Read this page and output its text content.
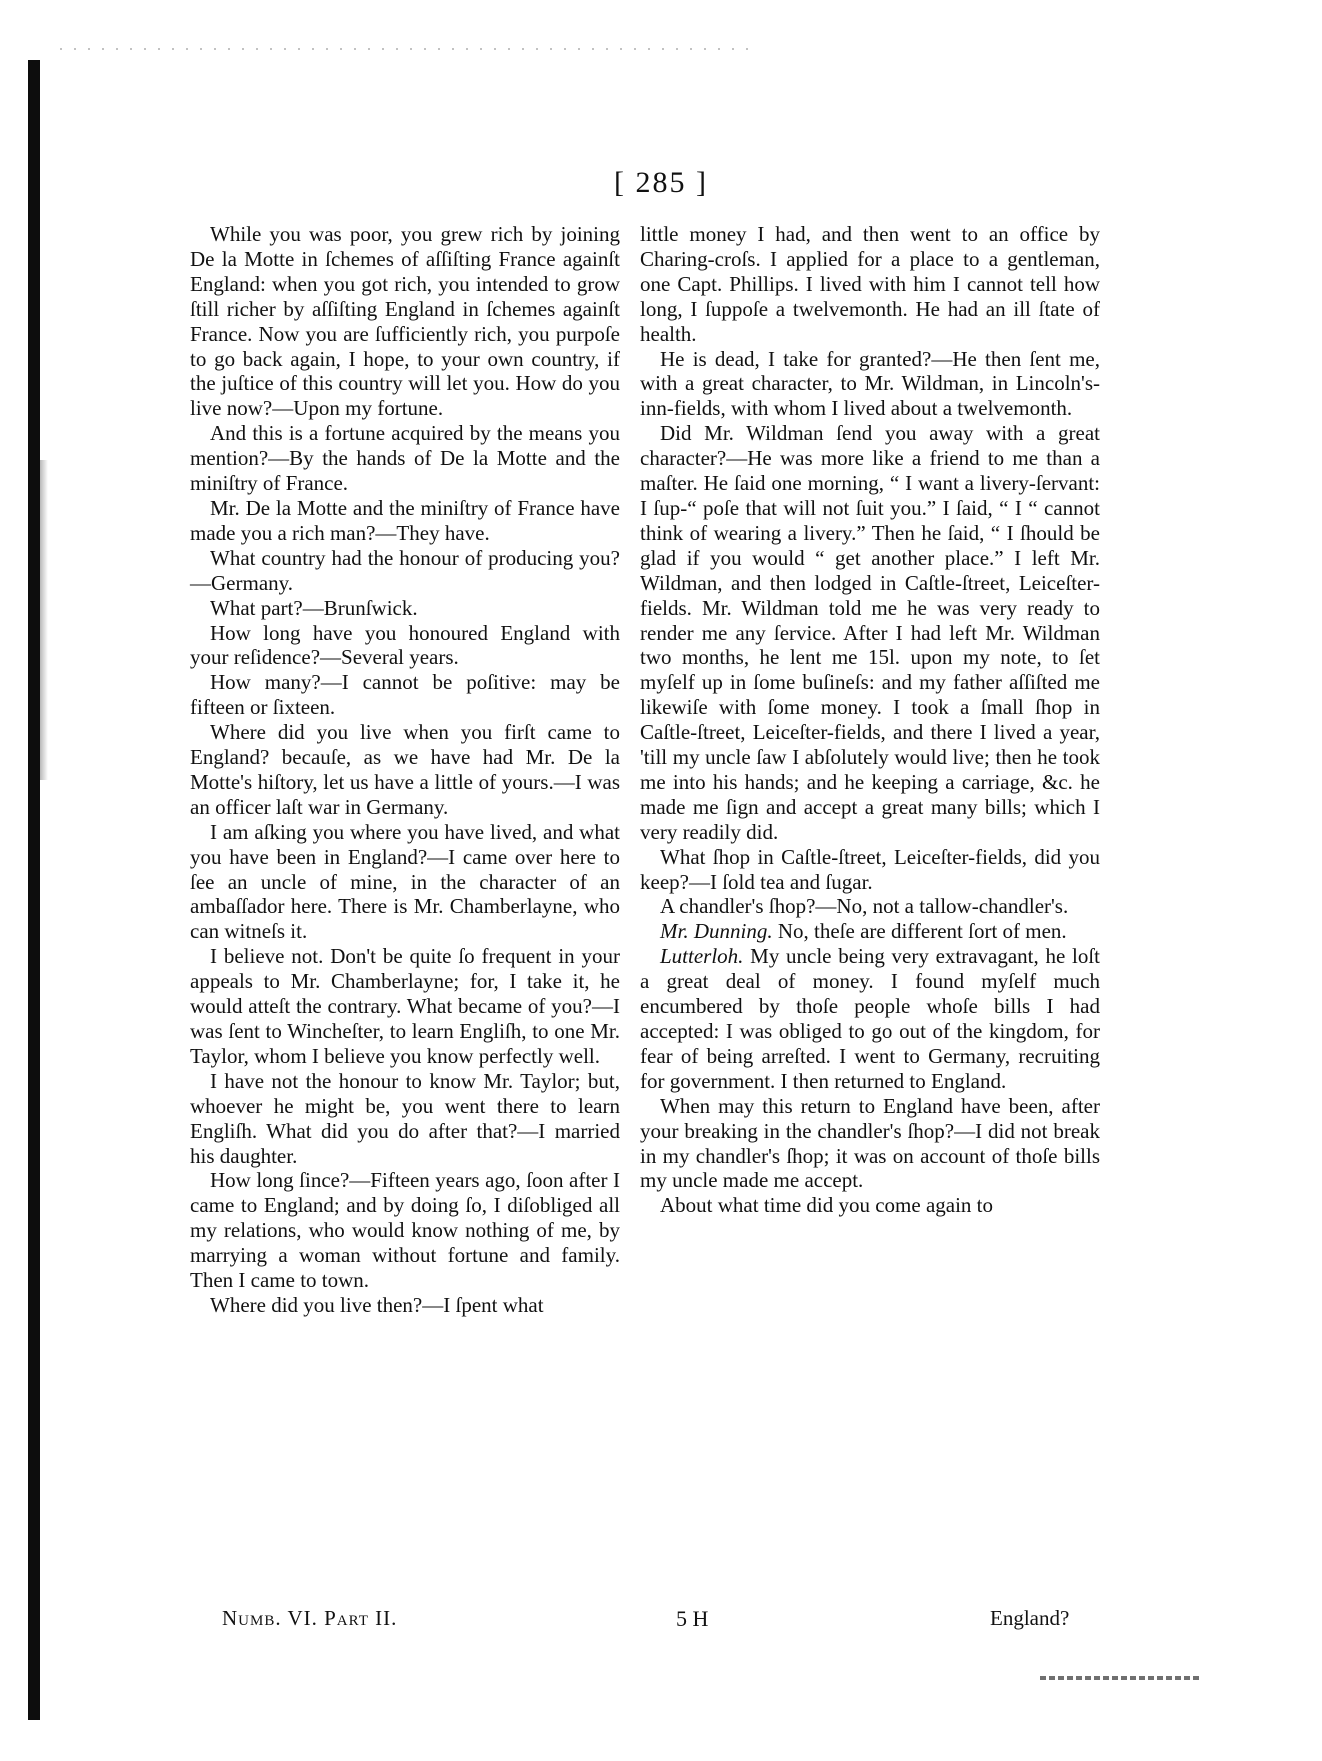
[ 285 ]

While you was poor, you grew rich by joining De la Motte in ſchemes of aſſiſting France againſt England: when you got rich, you intended to grow ſtill richer by aſſiſting England in ſchemes againſt France. Now you are ſufficiently rich, you purpoſe to go back again, I hope, to your own country, if the juſtice of this country will let you. How do you live now?—Upon my fortune.

And this is a fortune acquired by the means you mention?—By the hands of De la Motte and the miniſtry of France.

Mr. De la Motte and the miniſtry of France have made you a rich man?—They have.

What country had the honour of producing you?—Germany.

What part?—Brunſwick.

How long have you honoured England with your reſidence?—Several years.

How many?—I cannot be poſitive: may be fifteen or ſixteen.

Where did you live when you firſt came to England? becauſe, as we have had Mr. De la Motte's hiſtory, let us have a little of yours.—I was an officer laſt war in Germany.

I am aſking you where you have lived, and what you have been in England?—I came over here to ſee an uncle of mine, in the character of an ambaſſador here. There is Mr. Chamberlayne, who can witneſs it.

I believe not. Don't be quite ſo frequent in your appeals to Mr. Chamberlayne; for, I take it, he would atteſt the contrary. What became of you?—I was ſent to Wincheſter, to learn Engliſh, to one Mr. Taylor, whom I believe you know perfectly well.

I have not the honour to know Mr. Taylor; but, whoever he might be, you went there to learn Engliſh. What did you do after that?—I married his daughter.

How long ſince?—Fifteen years ago, ſoon after I came to England; and by doing ſo, I diſobliged all my relations, who would know nothing of me, by marrying a woman without fortune and family. Then I came to town.

Where did you live then?—I ſpent what

little money I had, and then went to an office by Charing-croſs. I applied for a place to a gentleman, one Capt. Phillips. I lived with him I cannot tell how long, I ſuppoſe a twelvemonth. He had an ill ſtate of health.

He is dead, I take for granted?—He then ſent me, with a great character, to Mr. Wildman, in Lincoln's-inn-fields, with whom I lived about a twelvemonth.

Did Mr. Wildman ſend you away with a great character?—He was more like a friend to me than a maſter. He ſaid one morning, “ I want a livery-ſervant: I ſup-“ poſe that will not ſuit you.” I ſaid, “ I “ cannot think of wearing a livery.” Then he ſaid, “ I ſhould be glad if you would “ get another place.” I left Mr. Wildman, and then lodged in Caſtle-ſtreet, Leiceſter-fields. Mr. Wildman told me he was very ready to render me any ſervice. After I had left Mr. Wildman two months, he lent me 15l. upon my note, to ſet myſelf up in ſome buſineſs: and my father aſſiſted me likewiſe with ſome money. I took a ſmall ſhop in Caſtle-ſtreet, Leiceſter-fields, and there I lived a year, 'till my uncle ſaw I abſolutely would live; then he took me into his hands; and he keeping a carriage, &c. he made me ſign and accept a great many bills; which I very readily did.

What ſhop in Caſtle-ſtreet, Leiceſter-fields, did you keep?—I ſold tea and ſugar.

A chandler's ſhop?—No, not a tallow-chandler's.

Mr. Dunning. No, theſe are different ſort of men.

Lutterloh. My uncle being very extravagant, he loſt a great deal of money. I found myſelf much encumbered by thoſe people whoſe bills I had accepted: I was obliged to go out of the kingdom, for fear of being arreſted. I went to Germany, recruiting for government. I then returned to England.

When may this return to England have been, after your breaking in the chandler's ſhop?—I did not break in my chandler's ſhop; it was on account of thoſe bills my uncle made me accept.

About what time did you come again to

Numb. VI. Part II.	5 H	England?
